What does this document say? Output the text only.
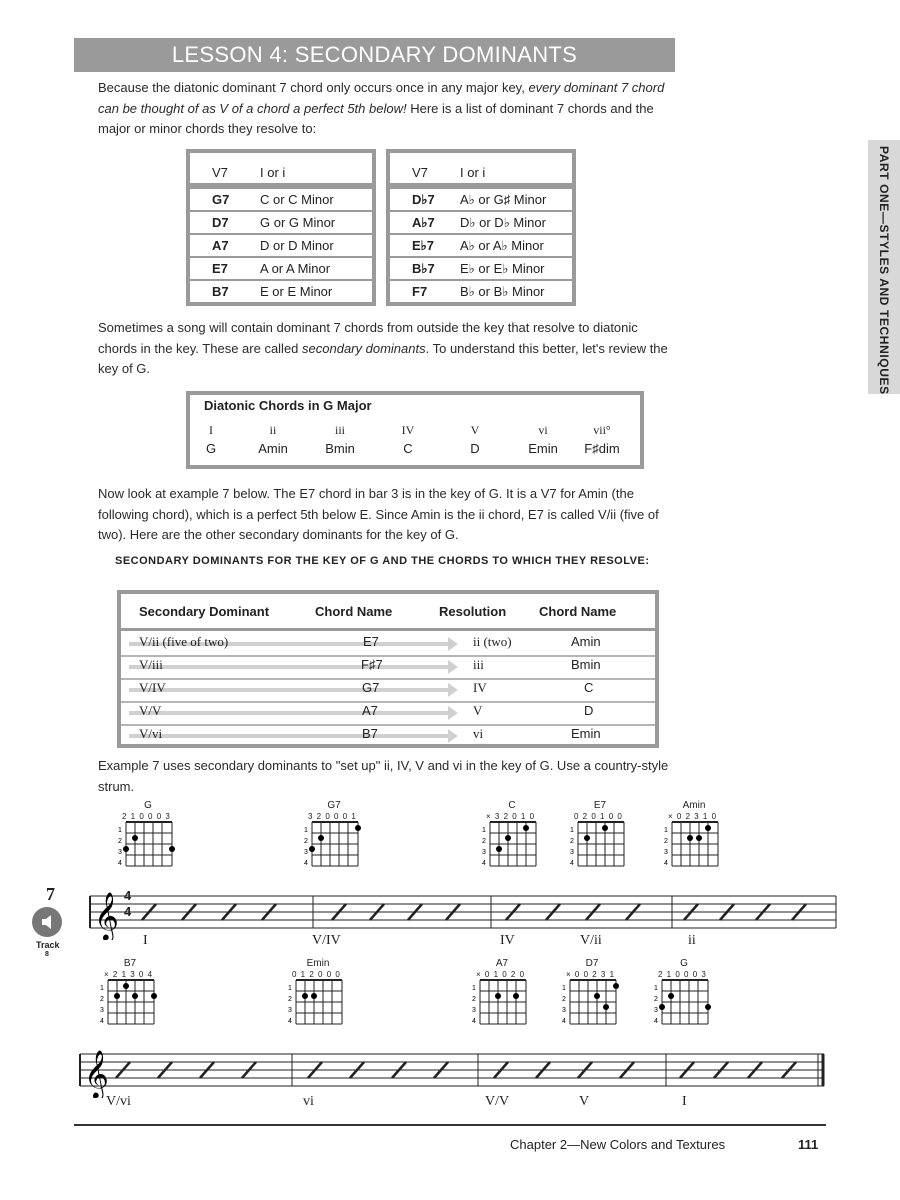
LESSON 4: SECONDARY DOMINANTS
PART ONE—STYLES AND TECHNIQUES

Because the diatonic dominant 7 chord only occurs once in any major key, every dominant 7 chord can be thought of as V of a chord a perfect 5th below! Here is a list of dominant 7 chords and the major or minor chords they resolve to:

V7 I or i
G7 C or C Minor
D7 G or G Minor
A7 D or D Minor
E7 A or A Minor
B7 E or E Minor
V7 I or i
D♭7 A♭ or G♯ Minor
A♭7 D♭ or D♭ Minor
E♭7 A♭ or A♭ Minor
B♭7 E♭ or E♭ Minor
F7	B♭ or B♭ Minor

Sometimes a song will contain dominant 7 chords from outside the key that resolve to diatonic chords in the key. These are called secondary dominants. To understand this better, let's review the key of G.

Diatonic Chords in G Major
I	ii	iii	IV	V	vi	vii°
G	Amin	Bmin	C	D	Emin	F♯dim

Now look at example 7 below. The E7 chord in bar 3 is in the key of G. It is a V7 for Amin (the following chord), which is a perfect 5th below E. Since Amin is the ii chord, E7 is called V/ii (five of two). Here are the other secondary dominants for the key of G.

SECONDARY DOMINANTS FOR THE KEY OF G AND THE CHORDS TO WHICH THEY RESOLVE:
Secondary Dominant	Chord Name	Resolution	Chord Name
V/ii (five of two)	E7	ii (two)	Amin
V/iii	F♯7	iii	Bmin
V/IV	G7	IV	C
V/V	A7	V	D
V/vi	B7	vi	Emin

Example 7 uses secondary dominants to "set up" ii, IV, V and vi in the key of G. Use a country-style strum.

G
2 1 0 0 0 3
1
2
3
4
G7
3 2 0 0 0 1
1
2
3
4
C
× 3 2 0 1 0
1
2
3
4
E7
0 2 0 1 0 0
1
2
3
4
Amin
× 0 2 3 1 0
1
2
3
4
7
Track
8
𝄞 4
4
I	V/IV	IV	V/ii	ii
B7
× 2 1 3 0 4
1
2
3
4
Emin
0 1 2 0 0 0
1
2
3
4
A7
× 0 1 0 2 0
1
2
3
4
D7
× 0 0 2 3 1
1
2
3
4
G
2 1 0 0 0 3
1
2
3
4
𝄞
V/vi	vi	V/V	V	I
Chapter 2—New Colors and Textures	111
